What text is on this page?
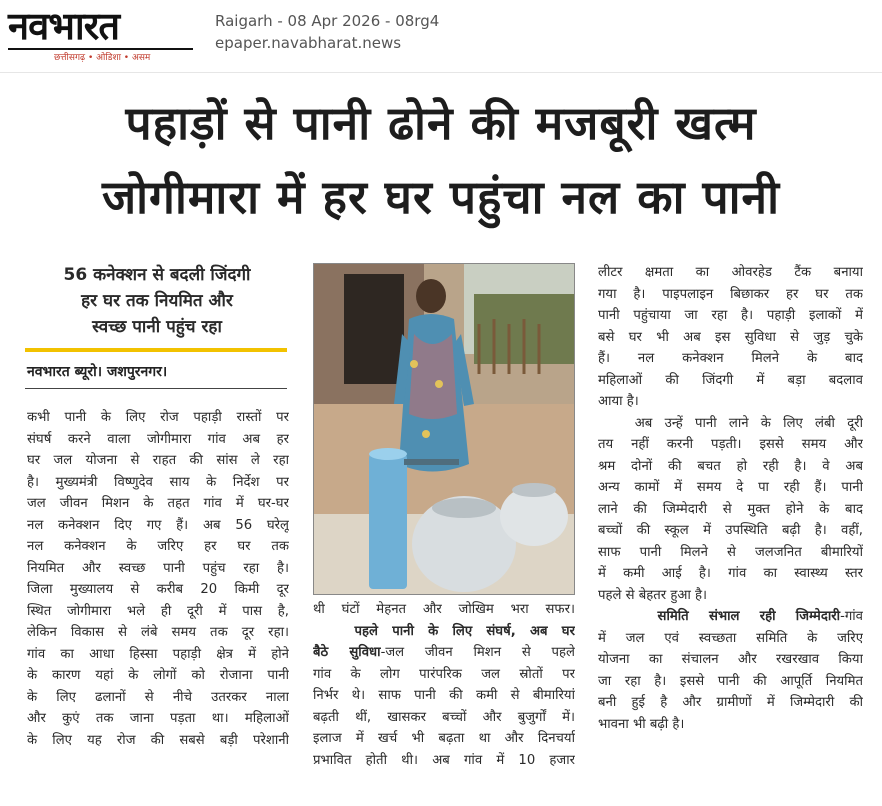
नवभारत
छत्तीसगढ़ • ओडिशा • असम
Raigarh - 08 Apr 2026 - 08rg4
epaper.navabharat.news
पहाड़ों से पानी ढोने की मजबूरी खत्म
जोगीमारा में हर घर पहुंचा नल का पानी
56 कनेक्शन से बदली जिंदगी
हर घर तक नियमित और
स्वच्छ पानी पहुंच रहा
नवभारत ब्यूरो। जशपुरनगर।
कभी पानी के लिए रोज पहाड़ी रास्तों पर
संघर्ष करने वाला जोगीमारा गांव अब हर
घर जल योजना से राहत की सांस ले रहा
है। मुख्यमंत्री विष्णुदेव साय के निर्देश पर
जल जीवन मिशन के तहत गांव में घर-घर
नल कनेक्शन दिए गए हैं। अब 56 घरेलू
नल कनेक्शन के जरिए हर घर तक
नियमित और स्वच्छ पानी पहुंच रहा है।
जिला मुख्यालय से करीब 20 किमी दूर
स्थित जोगीमारा भले ही दूरी में पास है,
लेकिन विकास से लंबे समय तक दूर रहा।
गांव का आधा हिस्सा पहाड़ी क्षेत्र में होने
के कारण यहां के लोगों को रोजाना पानी
के लिए ढलानों से नीचे उतरकर नाला
और कुएं तक जाना पड़ता था। महिलाओं
के लिए यह रोज की सबसे बड़ी परेशानी
थी घंटों मेहनत और जोखिम भरा सफर।
पहले पानी के लिए संघर्ष, अब घर
बैठे सुविधा-जल जीवन मिशन से पहले
गांव के लोग पारंपरिक जल स्रोतों पर
निर्भर थे। साफ पानी की कमी से बीमारियां
बढ़ती थीं, खासकर बच्चों और बुजुर्गों में।
इलाज में खर्च भी बढ़ता था और दिनचर्या
प्रभावित होती थी। अब गांव में 10 हजार
लीटर क्षमता का ओवरहेड टैंक बनाया
गया है। पाइपलाइन बिछाकर हर घर तक
पानी पहुंचाया जा रहा है। पहाड़ी इलाकों में
बसे घर भी अब इस सुविधा से जुड़ चुके
हैं। नल कनेक्शन मिलने के बाद
महिलाओं की जिंदगी में बड़ा बदलाव
आया है।
अब उन्हें पानी लाने के लिए लंबी दूरी
तय नहीं करनी पड़ती। इससे समय और
श्रम दोनों की बचत हो रही है। वे अब
अन्य कामों में समय दे पा रही हैं। पानी
लाने की जिम्मेदारी से मुक्त होने के बाद
बच्चों की स्कूल में उपस्थिति बढ़ी है। वहीं,
साफ पानी मिलने से जलजनित बीमारियों
में कमी आई है। गांव का स्वास्थ्य स्तर
पहले से बेहतर हुआ है।
समिति संभाल रही जिम्मेदारी-गांव
में जल एवं स्वच्छता समिति के जरिए
योजना का संचालन और रखरखाव किया
जा रहा है। इससे पानी की आपूर्ति नियमित
बनी हुई है और ग्रामीणों में जिम्मेदारी की
भावना भी बढ़ी है।
